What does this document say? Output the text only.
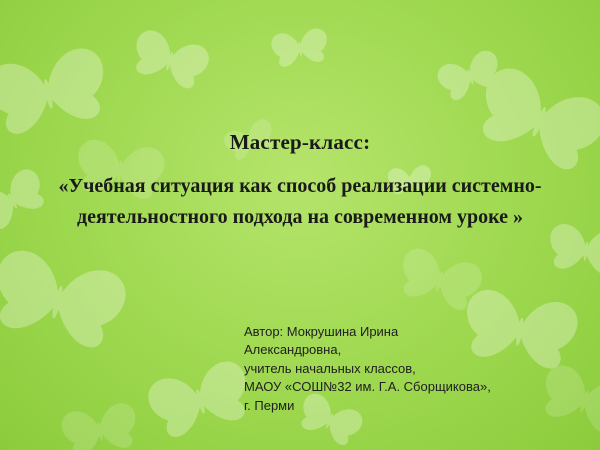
Мастер-класс:
«Учебная ситуация как способ реализации системно-деятельностного подхода на современном уроке »
Автор: Мокрушина Ирина
Александровна,
учитель начальных классов,
МАОУ «СОШ№32 им. Г.А. Сборщикова»,
г. Перми
